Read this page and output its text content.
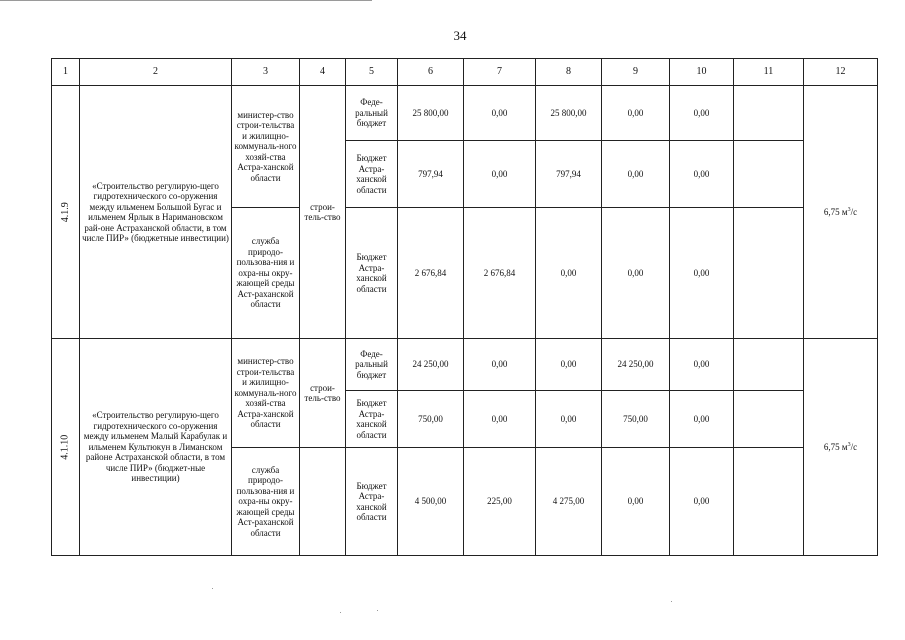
34
1	2	3	4	5	6	7	8	9	10	11	12

4.1.9	«Строительство регулирую-щего гидротехнического со-оружения между ильменем Большой Бугас и ильменем Ярлык в Наримановском рай-оне Астраханской области, в том числе ПИР» (бюджетные инвестиции)	министер-ство строи-тельства и жилищно-коммуналь-ного хозяй-ства Астра-ханской области	строи-тель-ство	Феде-ральный бюджет	25 800,00	0,00	25 800,00	0,00	0,00		6,75 $м^3/с$
				Бюджет Астра-ханской области	797,94	0,00	797,94	0,00	0,00		
		служба природо-пользова-ния и охра-ны окру-жающей среды Аст-раханской области		Бюджет Астра-ханской области	2 676,84	2 676,84	0,00	0,00	0,00		

4.1.10	«Строительство регулирую-щего гидротехнического со-оружения между ильменем Малый Карабулак и ильменем Культюкун в Лиманском районе Астраханской области, в том числе ПИР» (бюджет-ные инвестиции)	министер-ство строи-тельства и жилищно-коммуналь-ного хозяй-ства Астра-ханской области	строи-тель-ство	Феде-ральный бюджет	24 250,00	0,00	0,00	24 250,00	0,00		6,75 $м^3/с$
				Бюджет Астра-ханской области	750,00	0,00	0,00	750,00	0,00		
		служба природо-пользова-ния и охра-ны окру-жающей среды Аст-раханской области		Бюджет Астра-ханской области	4 500,00	225,00	4 275,00	0,00	0,00		
